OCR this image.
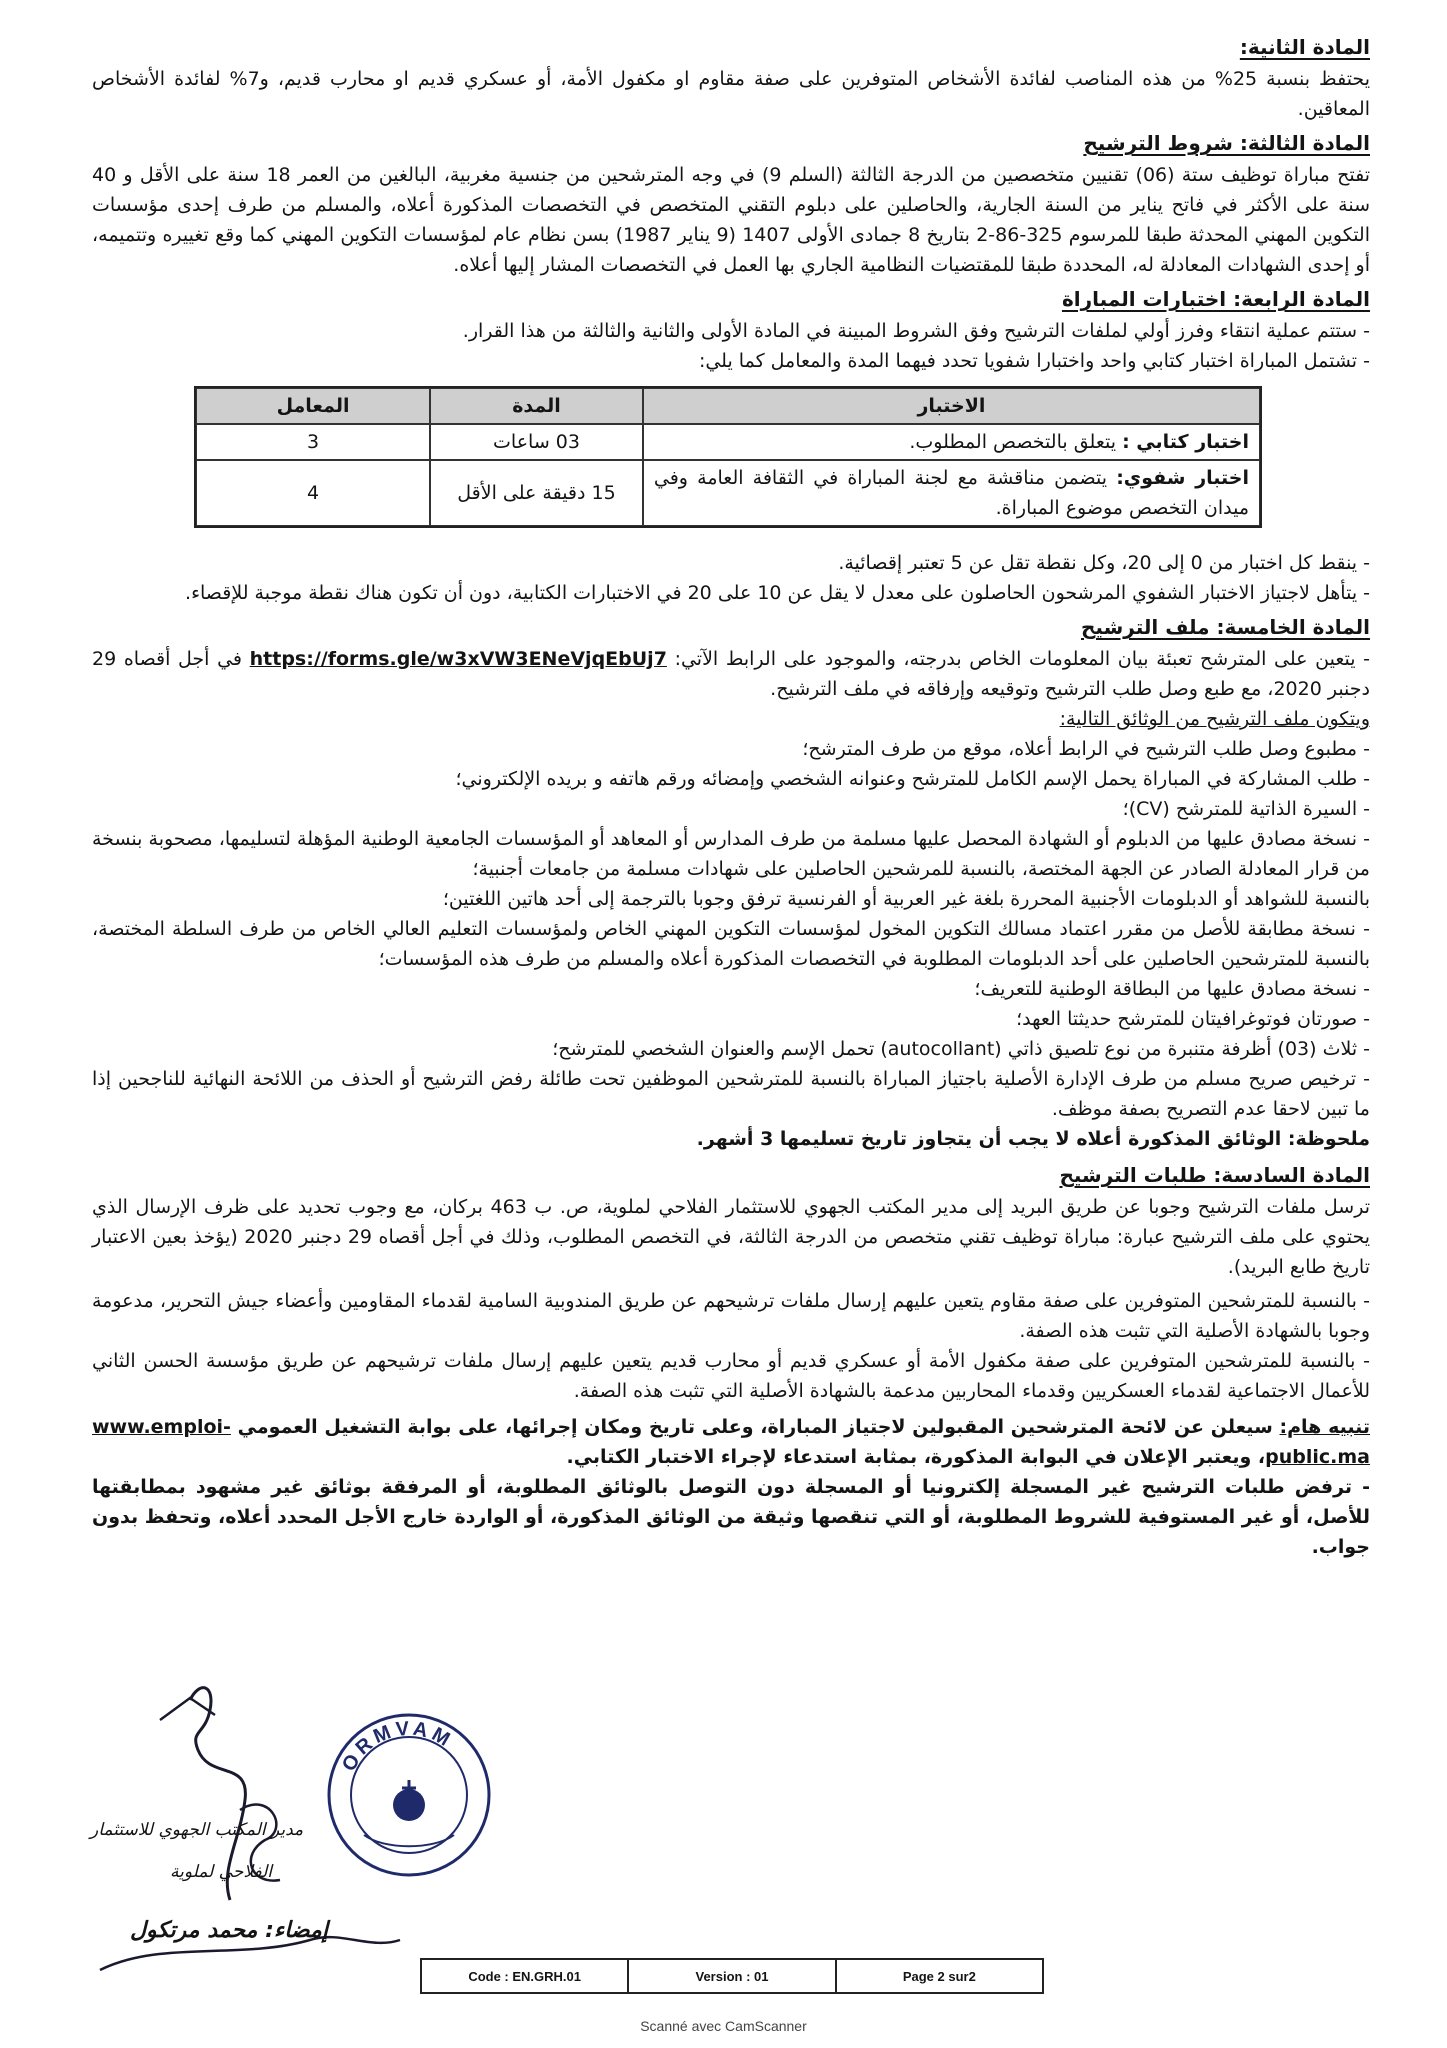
المادة الثانية:

يحتفظ بنسبة 25% من هذه المناصب لفائدة الأشخاص المتوفرين على صفة مقاوم او مكفول الأمة، أو عسكري قديم او محارب قديم، و7% لفائدة الأشخاص المعاقين.

المادة الثالثة: شروط الترشيح

تفتح مباراة توظيف ستة (06) تقنيين متخصصين من الدرجة الثالثة (السلم 9) في وجه المترشحين من جنسية مغربية، البالغين من العمر 18 سنة على الأقل و 40 سنة على الأكثر في فاتح يناير من السنة الجارية، والحاصلين على دبلوم التقني المتخصص في التخصصات المذكورة أعلاه، والمسلم من طرف إحدى مؤسسات التكوين المهني المحدثة طبقا للمرسوم 325-86-2 بتاريخ 8 جمادى الأولى 1407 (9 يناير 1987) بسن نظام عام لمؤسسات التكوين المهني كما وقع تغييره وتتميمه، أو إحدى الشهادات المعادلة له، المحددة طبقا للمقتضيات النظامية الجاري بها العمل في التخصصات المشار إليها أعلاه.

المادة الرابعة: اختبارات المباراة

- ستتم عملية انتقاء وفرز أولي لملفات الترشيح وفق الشروط المبينة في المادة الأولى والثانية والثالثة من هذا القرار.

- تشتمل المباراة اختبار كتابي واحد واختبارا شفويا تحدد فيهما المدة والمعامل كما يلي:

الاختبار	المدة	المعامل
اختبار كتابي : يتعلق بالتخصص المطلوب.	03 ساعات	3
اختبار شفوي: يتضمن مناقشة مع لجنة المباراة في الثقافة العامة وفي ميدان التخصص موضوع المباراة.	15 دقيقة على الأقل	4

- ينقط كل اختبار من 0 إلى 20، وكل نقطة تقل عن 5 تعتبر إقصائية.

- يتأهل لاجتياز الاختبار الشفوي المرشحون الحاصلون على معدل لا يقل عن 10 على 20 في الاختبارات الكتابية، دون أن تكون هناك نقطة موجبة للإقصاء.

المادة الخامسة: ملف الترشيح

- يتعين على المترشح تعبئة بيان المعلومات الخاص بدرجته، والموجود على الرابط الآتي: https://forms.gle/w3xVW3ENeVjqEbUj7 في أجل أقصاه 29 دجنبر 2020، مع طبع وصل طلب الترشيح وتوقيعه وإرفاقه في ملف الترشيح.

ويتكون ملف الترشيح من الوثائق التالية:

- مطبوع وصل طلب الترشيح في الرابط أعلاه، موقع من طرف المترشح؛

- طلب المشاركة في المباراة يحمل الإسم الكامل للمترشح وعنوانه الشخصي وإمضائه ورقم هاتفه و بريده الإلكتروني؛

- السيرة الذاتية للمترشح (CV)؛

- نسخة مصادق عليها من الدبلوم أو الشهادة المحصل عليها مسلمة من طرف المدارس أو المعاهد أو المؤسسات الجامعية الوطنية المؤهلة لتسليمها، مصحوبة بنسخة من قرار المعادلة الصادر عن الجهة المختصة، بالنسبة للمرشحين الحاصلين على شهادات مسلمة من جامعات أجنبية؛

بالنسبة للشواهد أو الدبلومات الأجنبية المحررة بلغة غير العربية أو الفرنسية ترفق وجوبا بالترجمة إلى أحد هاتين اللغتين؛

- نسخة مطابقة للأصل من مقرر اعتماد مسالك التكوين المخول لمؤسسات التكوين المهني الخاص ولمؤسسات التعليم العالي الخاص من طرف السلطة المختصة، بالنسبة للمترشحين الحاصلين على أحد الدبلومات المطلوبة في التخصصات المذكورة أعلاه والمسلم من طرف هذه المؤسسات؛

- نسخة مصادق عليها من البطاقة الوطنية للتعريف؛

- صورتان فوتوغرافيتان للمترشح حديثتا العهد؛

- ثلاث (03) أظرفة متنبرة من نوع تلصيق ذاتي (autocollant) تحمل الإسم والعنوان الشخصي للمترشح؛

- ترخيص صريح مسلم من طرف الإدارة الأصلية باجتياز المباراة بالنسبة للمترشحين الموظفين تحت طائلة رفض الترشيح أو الحذف من اللائحة النهائية للناجحين إذا ما تبين لاحقا عدم التصريح بصفة موظف.

ملحوظة: الوثائق المذكورة أعلاه لا يجب أن يتجاوز تاريخ تسليمها 3 أشهر.

المادة السادسة: طلبات الترشيح

ترسل ملفات الترشيح وجوبا عن طريق البريد إلى مدير المكتب الجهوي للاستثمار الفلاحي لملوية، ص. ب 463 بركان، مع وجوب تحديد على ظرف الإرسال الذي يحتوي على ملف الترشيح عبارة: مباراة توظيف تقني متخصص من الدرجة الثالثة، في التخصص المطلوب، وذلك في أجل أقصاه 29 دجنبر 2020 (يؤخذ بعين الاعتبار تاريخ طابع البريد).

- بالنسبة للمترشحين المتوفرين على صفة مقاوم يتعين عليهم إرسال ملفات ترشيحهم عن طريق المندوبية السامية لقدماء المقاومين وأعضاء جيش التحرير، مدعومة وجوبا بالشهادة الأصلية التي تثبت هذه الصفة.

- بالنسبة للمترشحين المتوفرين على صفة مكفول الأمة أو عسكري قديم أو محارب قديم يتعين عليهم إرسال ملفات ترشيحهم عن طريق مؤسسة الحسن الثاني للأعمال الاجتماعية لقدماء العسكريين وقدماء المحاربين مدعمة بالشهادة الأصلية التي تثبت هذه الصفة.

تنبيه هام: سيعلن عن لائحة المترشحين المقبولين لاجتياز المباراة، وعلى تاريخ ومكان إجرائها، على بوابة التشغيل العمومي www.emploi-public.ma، ويعتبر الإعلان في البوابة المذكورة، بمثابة استدعاء لإجراء الاختبار الكتابي.

- ترفض طلبات الترشيح غير المسجلة إلكترونيا أو المسجلة دون التوصل بالوثائق المطلوبة، أو المرفقة بوثائق غير مشهود بمطابقتها للأصل، أو غير المستوفية للشروط المطلوبة، أو التي تنقصها وثيقة من الوثائق المذكورة، أو الواردة خارج الأجل المحدد أعلاه، وتحفظ بدون جواب.

مدير المكتب الجهوي للاستثمار
الفلاحي لملوية
إمضاء: محمد مرتكول
ORMVAM
Code : EN.GRH.01	Version : 01	Page 2 sur2
Scanné avec CamScanner
